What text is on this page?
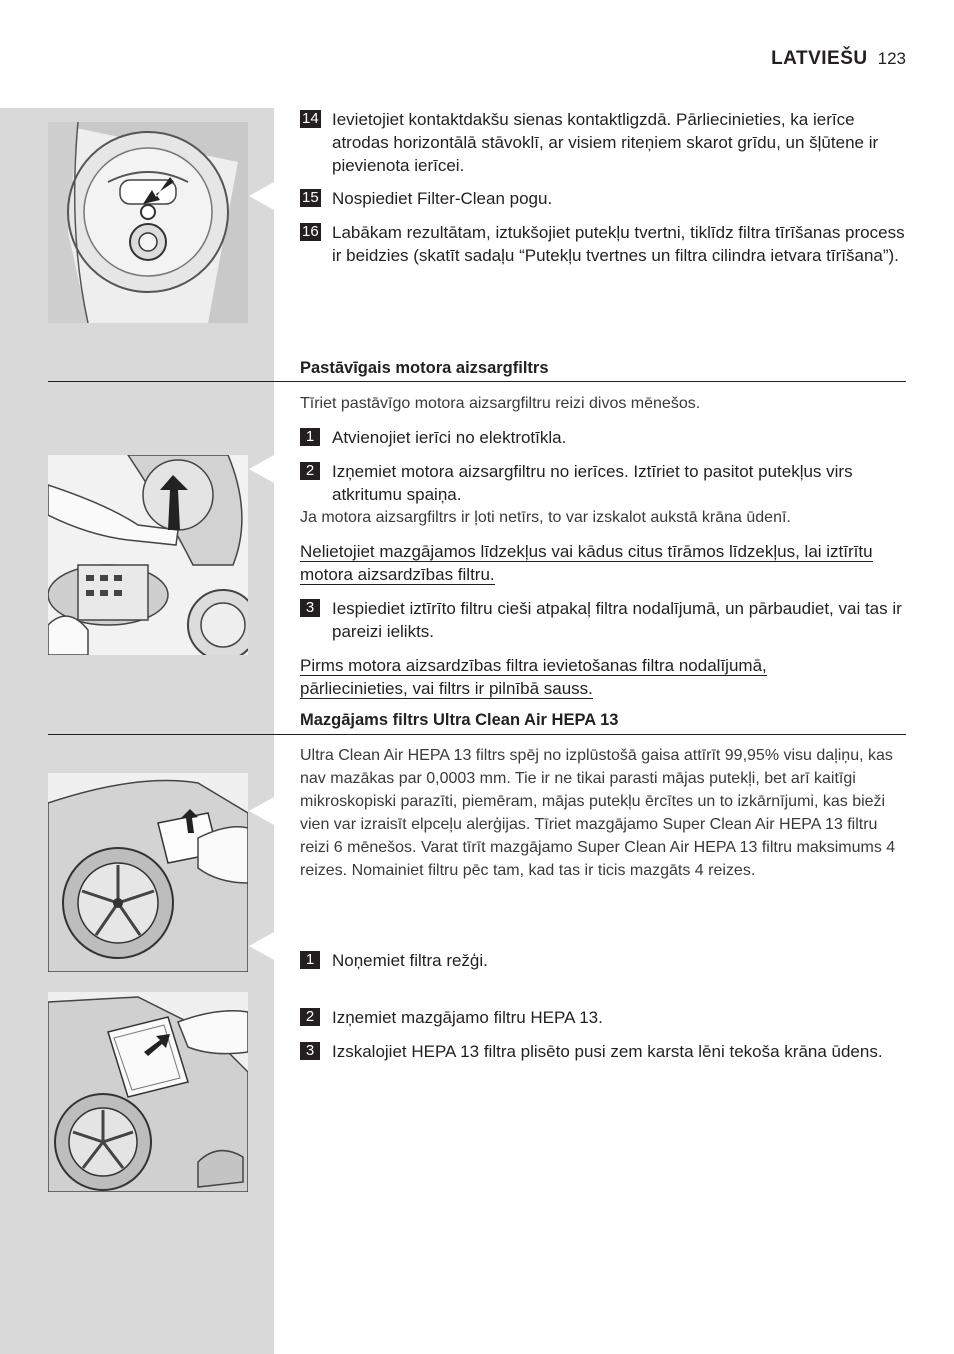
LATVIEŠU 123
14 Ievietojiet kontaktdakšu sienas kontaktligzdā. Pārliecinieties, ka ierīce atrodas horizontālā stāvoklī, ar visiem riteņiem skarot grīdu, un šļūtene ir pievienota ierīcei.
15 Nospiediet Filter-Clean pogu.
16 Labākam rezultātam, iztukšojiet putekļu tvertni, tiklīdz filtra tīrīšanas process ir beidzies (skatīt sadaļu “Putekļu tvertnes un filtra cilindra ietvara tīrīšana”).
Pastāvīgais motora aizsargfiltrs
Tīriet pastāvīgo motora aizsargfiltru reizi divos mēnešos.
1	Atvienojiet ierīci no elektrotīkla.
2	Izņemiet motora aizsargfiltru no ierīces. Iztīriet to pasitot putekļus virs atkritumu spaiņa.
Ja motora aizsargfiltrs ir ļoti netīrs, to var izskalot aukstā krāna ūdenī.
Nelietojiet mazgājamos līdzekļus vai kādus citus tīrāmos līdzekļus, lai iztīrītu motora aizsardzības filtru.
3	Iespiediet iztīrīto filtru cieši atpakaļ filtra nodalījumā, un pārbaudiet, vai tas ir pareizi ielikts.
Pirms motora aizsardzības filtra ievietošanas filtra nodalījumā, pārliecinieties, vai filtrs ir pilnībā sauss.
Mazgājams filtrs Ultra Clean Air HEPA 13
Ultra Clean Air HEPA 13 filtrs spēj no izplūstošā gaisa attīrīt 99,95% visu daļiņu, kas nav mazākas par 0,0003 mm. Tie ir ne tikai parasti mājas putekļi, bet arī kaitīgi mikroskopiski parazīti, piemēram, mājas putekļu ērcītes un to izkārnījumi, kas bieži vien var izraisīt elpceļu alerģijas. Tīriet mazgājamo Super Clean Air HEPA 13 filtru reizi 6 mēnešos. Varat tīrīt mazgājamo Super Clean Air HEPA 13 filtru maksimums 4 reizes. Nomainiet filtru pēc tam, kad tas ir ticis mazgāts 4 reizes.
1	Noņemiet filtra režģi.
2	Izņemiet mazgājamo filtru HEPA 13.
3	Izskalojiet HEPA 13 filtra plisēto pusi zem karsta lēni tekoša krāna ūdens.
